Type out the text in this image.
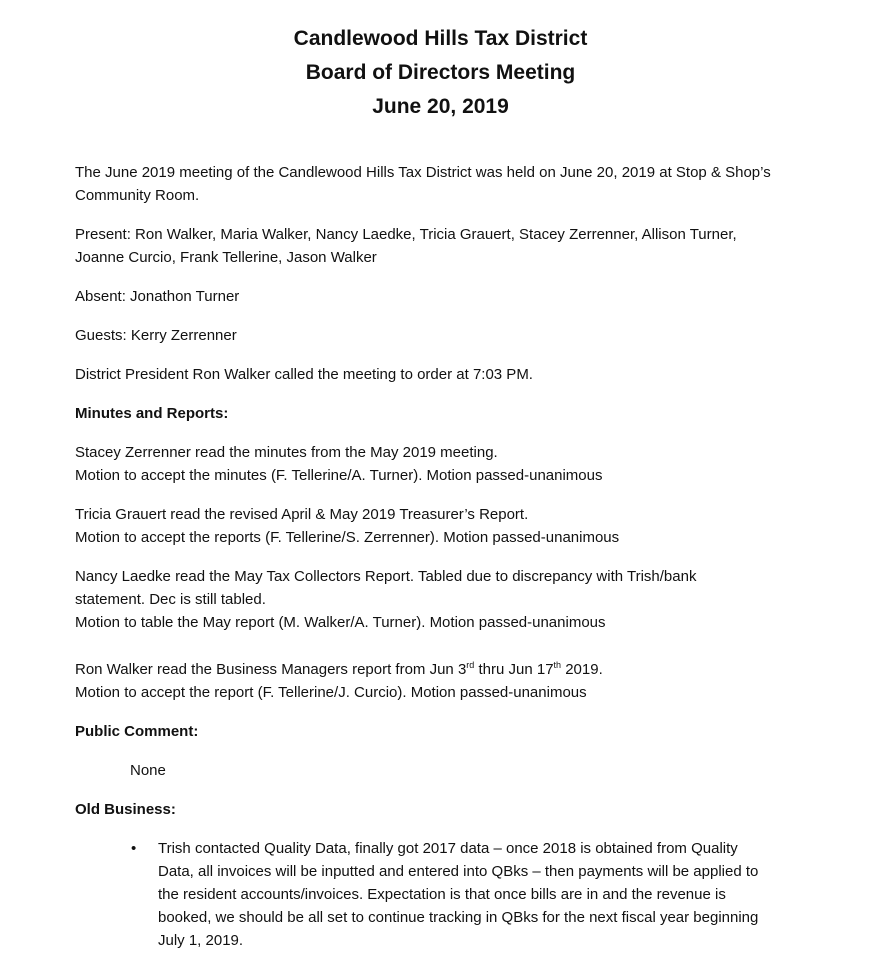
Candlewood Hills Tax District
Board of Directors Meeting
June 20, 2019
The June 2019 meeting of the Candlewood Hills Tax District was held on June 20, 2019 at Stop & Shop’s
Community Room.
Present: Ron Walker, Maria Walker, Nancy Laedke, Tricia Grauert, Stacey Zerrenner, Allison Turner,
Joanne Curcio, Frank Tellerine, Jason Walker
Absent: Jonathon Turner
Guests: Kerry Zerrenner
District President Ron Walker called the meeting to order at 7:03 PM.
Minutes and Reports:
Stacey Zerrenner read the minutes from the May 2019 meeting.
Motion to accept the minutes (F. Tellerine/A. Turner). Motion passed-unanimous
Tricia Grauert read the revised April & May 2019 Treasurer’s Report.
Motion to accept the reports (F. Tellerine/S. Zerrenner). Motion passed-unanimous
Nancy Laedke read the May Tax Collectors Report. Tabled due to discrepancy with Trish/bank
statement. Dec is still tabled.
Motion to table the May report (M. Walker/A. Turner). Motion passed-unanimous
Ron Walker read the Business Managers report from Jun 3rd thru Jun 17th 2019.
Motion to accept the report (F. Tellerine/J. Curcio). Motion passed-unanimous
Public Comment:
None
Old Business:
• Trish contacted Quality Data, finally got 2017 data – once 2018 is obtained from Quality
Data, all invoices will be inputted and entered into QBks – then payments will be applied to
the resident accounts/invoices. Expectation is that once bills are in and the revenue is
booked, we should be all set to continue tracking in QBks for the next fiscal year beginning
July 1, 2019.
